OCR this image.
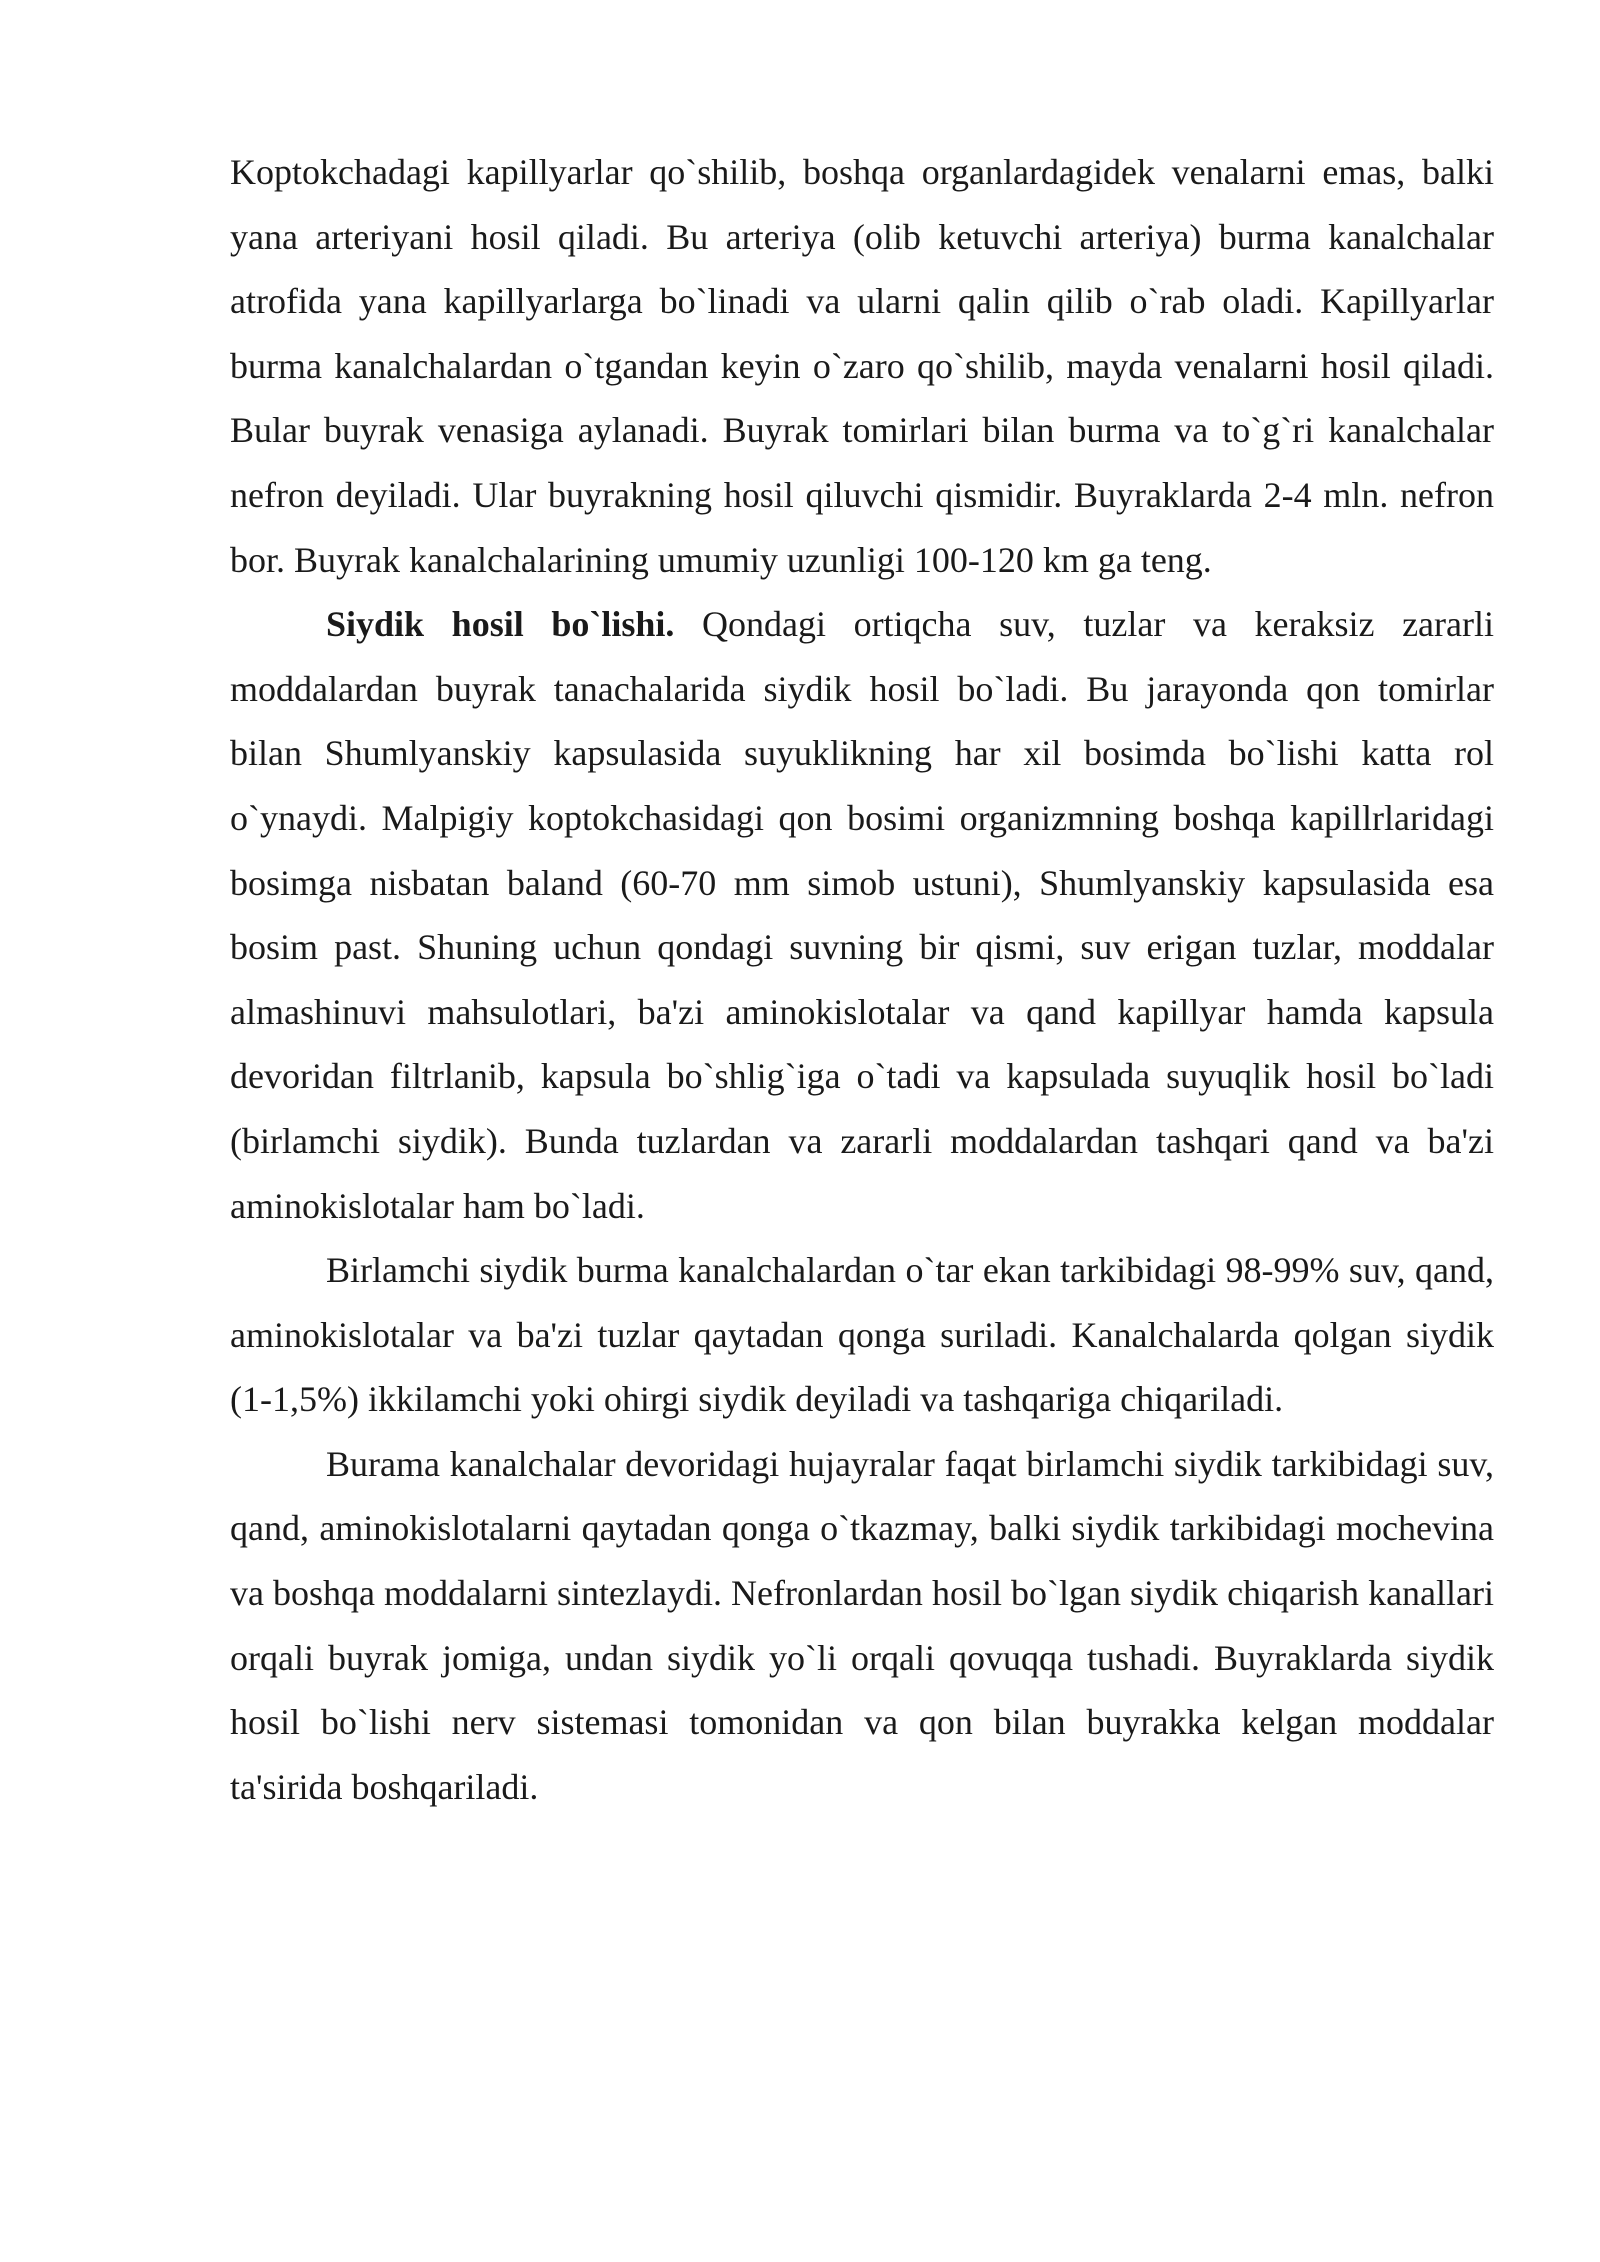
Koptokchadagi kapillyarlar qo`shilib, boshqa organlardagidek venalarni emas, balki yana arteriyani hosil qiladi. Bu arteriya (olib ketuvchi arteriya) burma kanalchalar atrofida yana kapillyarlarga bo`linadi va ularni qalin qilib o`rab oladi. Kapillyarlar burma kanalchalardan o`tgandan keyin o`zaro qo`shilib, mayda venalarni hosil qiladi. Bular buyrak venasiga aylanadi. Buyrak tomirlari bilan burma va to`g`ri kanalchalar nefron deyiladi. Ular buyrakning hosil qiluvchi qismidir. Buyraklarda 2-4 mln. nefron bor. Buyrak kanalchalarining umumiy uzunligi 100-120 km ga teng.

Siydik hosil bo`lishi. Qondagi ortiqcha suv, tuzlar va keraksiz zararli moddalardan buyrak tanachalarida siydik hosil bo`ladi. Bu jarayonda qon tomirlar bilan Shumlyanskiy kapsulasida suyuklikning har xil bosimda bo`lishi katta rol o`ynaydi. Malpigiy koptokchasidagi qon bosimi organizmning boshqa kapillrlaridagi bosimga nisbatan baland (60-70 mm simob ustuni), Shumlyanskiy kapsulasida esa bosim past. Shuning uchun qondagi suvning bir qismi, suv erigan tuzlar, moddalar almashinuvi mahsulotlari, ba'zi aminokislotalar va qand kapillyar hamda kapsula devoridan filtrlanib, kapsula bo`shlig`iga o`tadi va kapsulada suyuqlik hosil bo`ladi (birlamchi siydik). Bunda tuzlardan va zararli moddalardan tashqari qand va ba'zi aminokislotalar ham bo`ladi.

Birlamchi siydik burma kanalchalardan o`tar ekan tarkibidagi 98-99% suv, qand, aminokislotalar va ba'zi tuzlar qaytadan qonga suriladi. Kanalchalarda qolgan siydik (1-1,5%) ikkilamchi yoki ohirgi siydik deyiladi va tashqariga chiqariladi.

Burama kanalchalar devoridagi hujayralar faqat birlamchi siydik tarkibidagi suv, qand, aminokislotalarni qaytadan qonga o`tkazmay, balki siydik tarkibidagi mochevina va boshqa moddalarni sintezlaydi. Nefronlardan hosil bo`lgan siydik chiqarish kanallari orqali buyrak jomiga, undan siydik yo`li orqali qovuqqa tushadi. Buyraklarda siydik hosil bo`lishi nerv sistemasi tomonidan va qon bilan buyrakka kelgan moddalar ta'sirida boshqariladi.
